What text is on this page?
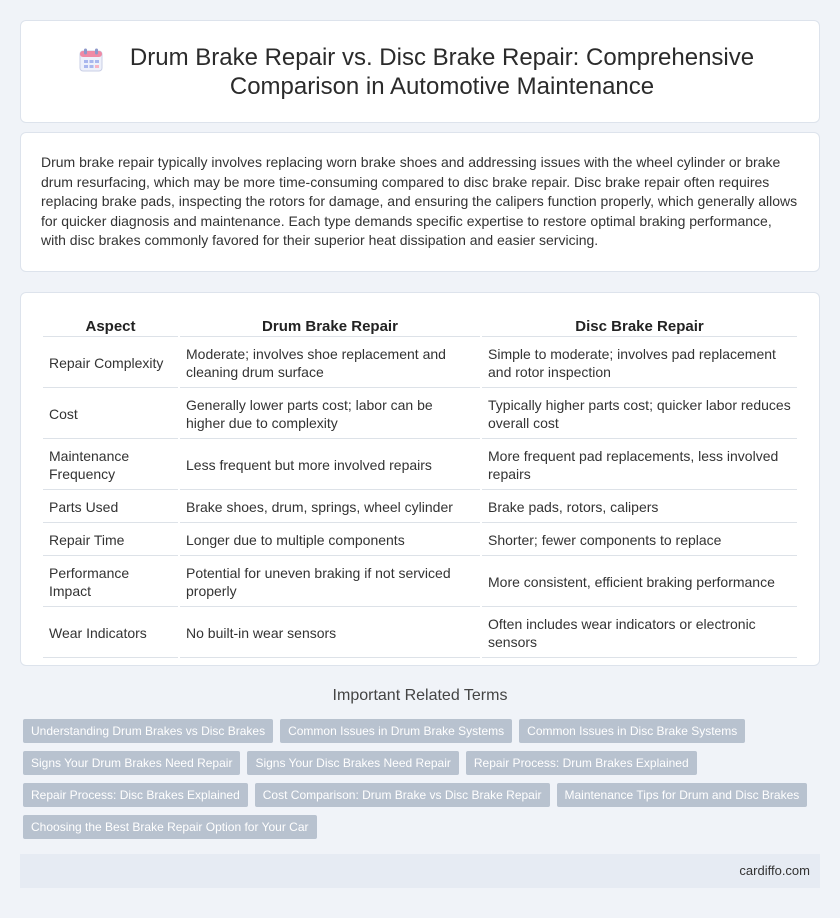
Drum Brake Repair vs. Disc Brake Repair: Comprehensive Comparison in Automotive Maintenance

Drum brake repair typically involves replacing worn brake shoes and addressing issues with the wheel cylinder or brake drum resurfacing, which may be more time-consuming compared to disc brake repair. Disc brake repair often requires replacing brake pads, inspecting the rotors for damage, and ensuring the calipers function properly, which generally allows for quicker diagnosis and maintenance. Each type demands specific expertise to restore optimal braking performance, with disc brakes commonly favored for their superior heat dissipation and easier servicing.

Aspect	Drum Brake Repair	Disc Brake Repair
Repair Complexity	Moderate; involves shoe replacement and cleaning drum surface	Simple to moderate; involves pad replacement and rotor inspection
Cost	Generally lower parts cost; labor can be higher due to complexity	Typically higher parts cost; quicker labor reduces overall cost
Maintenance Frequency	Less frequent but more involved repairs	More frequent pad replacements, less involved repairs
Parts Used	Brake shoes, drum, springs, wheel cylinder	Brake pads, rotors, calipers
Repair Time	Longer due to multiple components	Shorter; fewer components to replace
Performance Impact	Potential for uneven braking if not serviced properly	More consistent, efficient braking performance
Wear Indicators	No built-in wear sensors	Often includes wear indicators or electronic sensors
Important Related Terms
Understanding Drum Brakes vs Disc Brakes	Common Issues in Drum Brake Systems	Common Issues in Disc Brake Systems
Signs Your Drum Brakes Need Repair	Signs Your Disc Brakes Need Repair	Repair Process: Drum Brakes Explained
Repair Process: Disc Brakes Explained	Cost Comparison: Drum Brake vs Disc Brake Repair	Maintenance Tips for Drum and Disc Brakes
Choosing the Best Brake Repair Option for Your Car
cardiffo.com
